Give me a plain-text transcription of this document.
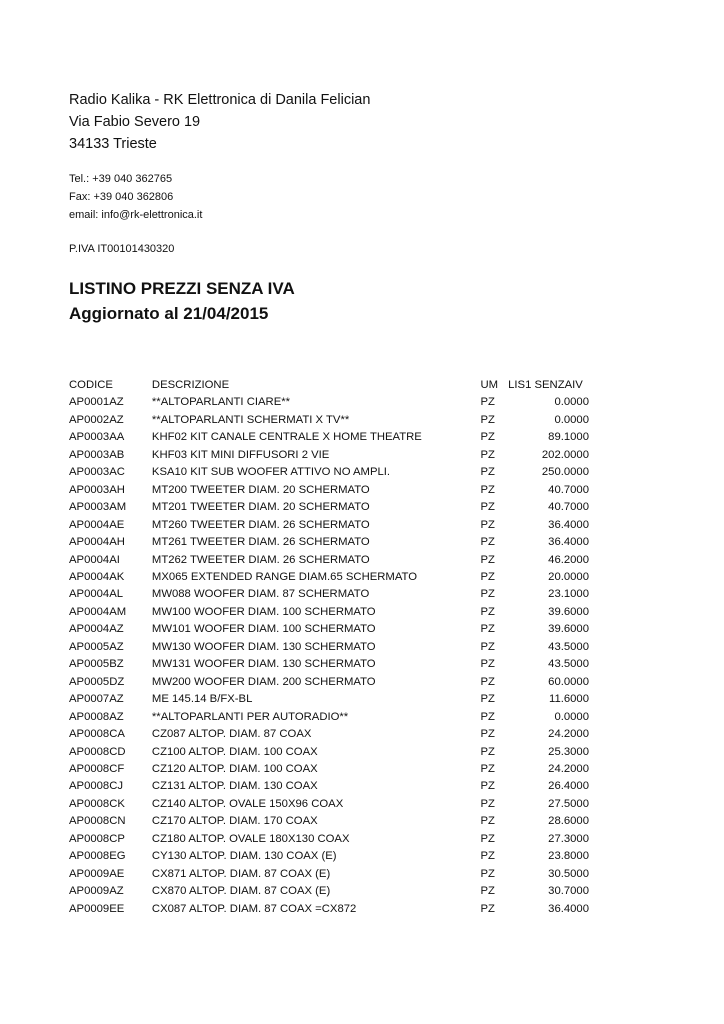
Radio Kalika - RK Elettronica di Danila Felician
Via Fabio Severo 19
34133 Trieste
Tel.: +39 040 362765
Fax: +39 040 362806
email: info@rk-elettronica.it
P.IVA IT00101430320
LISTINO PREZZI SENZA IVA
Aggiornato al 21/04/2015
CODICE	DESCRIZIONE	UM	LIS1 SENZAIV
AP0001AZ	**ALTOPARLANTI CIARE**	PZ	0.0000
AP0002AZ	**ALTOPARLANTI SCHERMATI X TV**	PZ	0.0000
AP0003AA	KHF02 KIT CANALE CENTRALE X HOME THEATRE	PZ	89.1000
AP0003AB	KHF03 KIT MINI DIFFUSORI 2 VIE	PZ	202.0000
AP0003AC	KSA10 KIT SUB WOOFER ATTIVO NO AMPLI.	PZ	250.0000
AP0003AH	MT200 TWEETER DIAM. 20 SCHERMATO	PZ	40.7000
AP0003AM	MT201 TWEETER DIAM. 20 SCHERMATO	PZ	40.7000
AP0004AE	MT260 TWEETER DIAM. 26 SCHERMATO	PZ	36.4000
AP0004AH	MT261 TWEETER DIAM. 26 SCHERMATO	PZ	36.4000
AP0004AI	MT262 TWEETER DIAM. 26 SCHERMATO	PZ	46.2000
AP0004AK	MX065 EXTENDED RANGE DIAM.65 SCHERMATO	PZ	20.0000
AP0004AL	MW088 WOOFER DIAM. 87 SCHERMATO	PZ	23.1000
AP0004AM	MW100 WOOFER DIAM. 100 SCHERMATO	PZ	39.6000
AP0004AZ	MW101 WOOFER DIAM. 100 SCHERMATO	PZ	39.6000
AP0005AZ	MW130 WOOFER DIAM. 130 SCHERMATO	PZ	43.5000
AP0005BZ	MW131 WOOFER DIAM. 130 SCHERMATO	PZ	43.5000
AP0005DZ	MW200 WOOFER DIAM. 200 SCHERMATO	PZ	60.0000
AP0007AZ	ME 145.14 B/FX-BL	PZ	11.6000
AP0008AZ	**ALTOPARLANTI PER AUTORADIO**	PZ	0.0000
AP0008CA	CZ087 ALTOP. DIAM. 87 COAX	PZ	24.2000
AP0008CD	CZ100 ALTOP. DIAM. 100 COAX	PZ	25.3000
AP0008CF	CZ120 ALTOP. DIAM. 100 COAX	PZ	24.2000
AP0008CJ	CZ131 ALTOP. DIAM. 130 COAX	PZ	26.4000
AP0008CK	CZ140 ALTOP. OVALE 150X96 COAX	PZ	27.5000
AP0008CN	CZ170 ALTOP. DIAM. 170 COAX	PZ	28.6000
AP0008CP	CZ180 ALTOP. OVALE 180X130 COAX	PZ	27.3000
AP0008EG	CY130 ALTOP. DIAM. 130 COAX (E)	PZ	23.8000
AP0009AE	CX871 ALTOP. DIAM. 87 COAX (E)	PZ	30.5000
AP0009AZ	CX870 ALTOP. DIAM. 87 COAX (E)	PZ	30.7000
AP0009EE	CX087 ALTOP. DIAM. 87 COAX =CX872	PZ	36.4000
